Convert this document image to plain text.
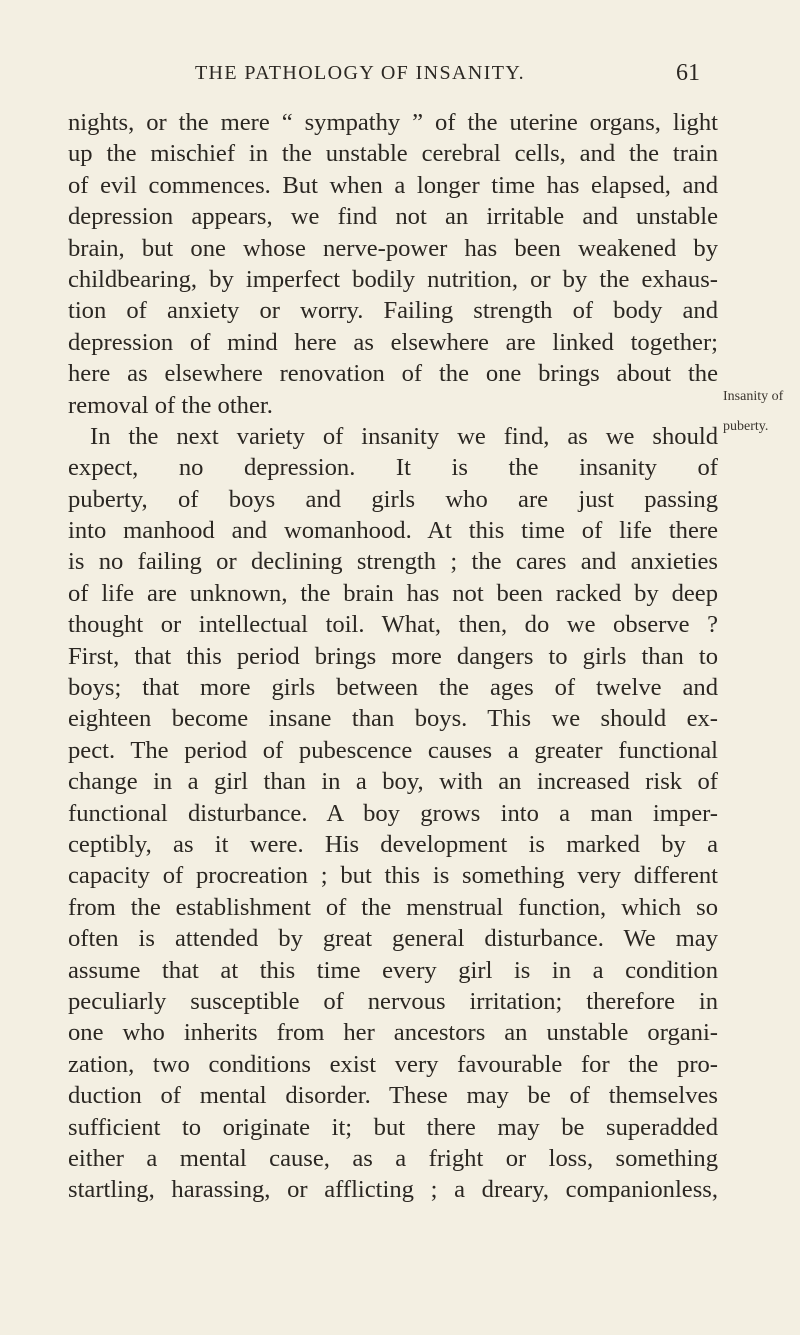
THE PATHOLOGY OF INSANITY.	61
nights, or the mere “ sympathy ” of the uterine organs, light
up the mischief in the unstable cerebral cells, and the train
of evil commences. But when a longer time has elapsed, and
depression appears, we find not an irritable and unstable
brain, but one whose nerve-power has been weakened by
childbearing, by imperfect bodily nutrition, or by the exhaus-
tion of anxiety or worry. Failing strength of body and
depression of mind here as elsewhere are linked together;
here as elsewhere renovation of the one brings about the
removal of the other.
In the next variety of insanity we find, as we should
expect, no depression. It is the insanity of
puberty, of boys and girls who are just passing
into manhood and womanhood. At this time of life there
is no failing or declining strength ; the cares and anxieties
of life are unknown, the brain has not been racked by deep
thought or intellectual toil. What, then, do we observe ?
First, that this period brings more dangers to girls than to
boys; that more girls between the ages of twelve and
eighteen become insane than boys. This we should ex-
pect. The period of pubescence causes a greater functional
change in a girl than in a boy, with an increased risk of
functional disturbance. A boy grows into a man imper-
ceptibly, as it were. His development is marked by a
capacity of procreation ; but this is something very different
from the establishment of the menstrual function, which so
often is attended by great general disturbance. We may
assume that at this time every girl is in a condition
peculiarly susceptible of nervous irritation; therefore in
one who inherits from her ancestors an unstable organi-
zation, two conditions exist very favourable for the pro-
duction of mental disorder. These may be of themselves
sufficient to originate it; but there may be superadded
either a mental cause, as a fright or loss, something
startling, harassing, or afflicting ; a dreary, companionless,
Insanity of
puberty.
